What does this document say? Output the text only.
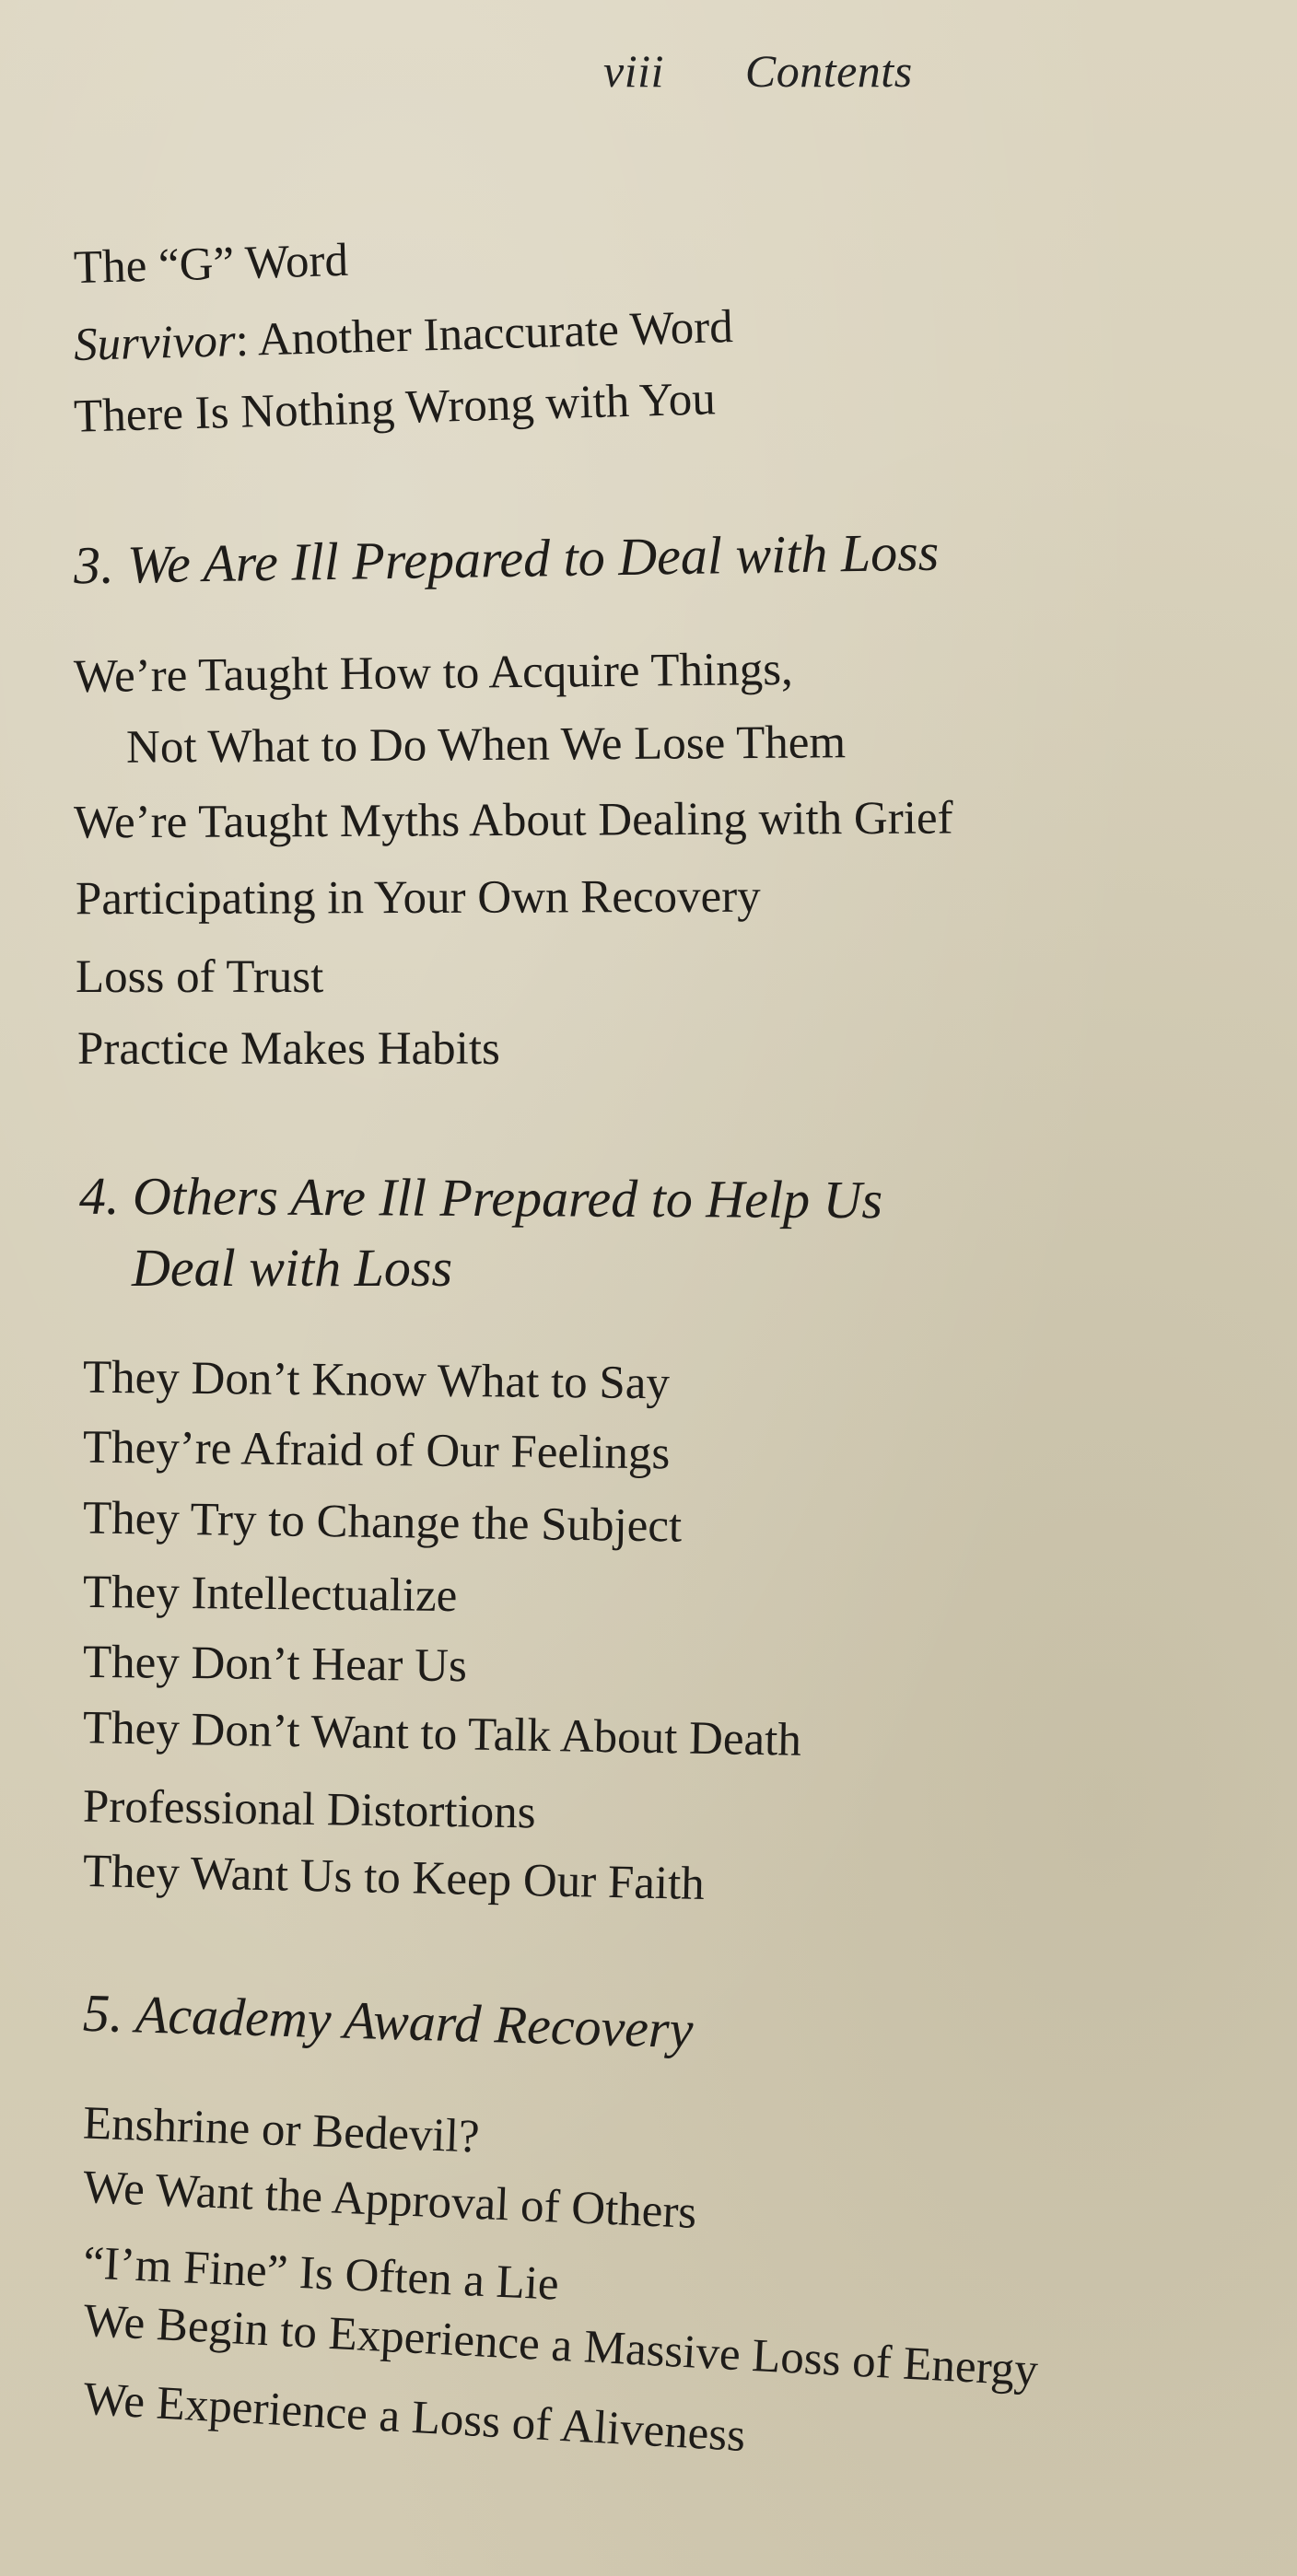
viii Contents
The “G” Word
Survivor: Another Inaccurate Word
There Is Nothing Wrong with You
3. We Are Ill Prepared to Deal with Loss
We’re Taught How to Acquire Things,
Not What to Do When We Lose Them
We’re Taught Myths About Dealing with Grief
Participating in Your Own Recovery
Loss of Trust
Practice Makes Habits
4. Others Are Ill Prepared to Help Us
Deal with Loss
They Don’t Know What to Say
They’re Afraid of Our Feelings
They Try to Change the Subject
They Intellectualize
They Don’t Hear Us
They Don’t Want to Talk About Death
Professional Distortions
They Want Us to Keep Our Faith
5. Academy Award Recovery
Enshrine or Bedevil?
We Want the Approval of Others
“I’m Fine” Is Often a Lie
We Begin to Experience a Massive Loss of Energy
We Experience a Loss of Aliveness
